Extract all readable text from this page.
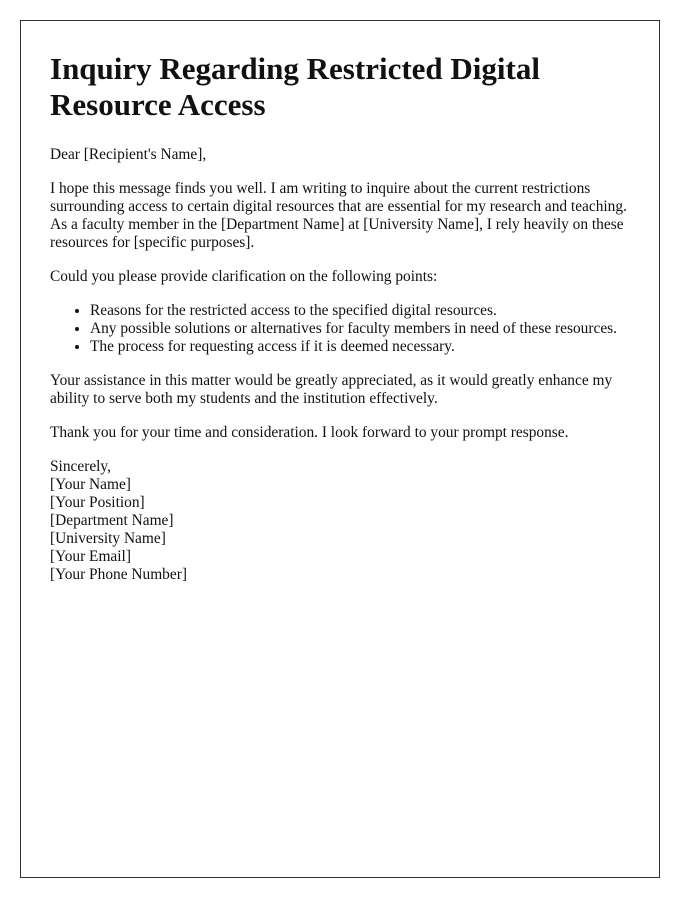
Inquiry Regarding Restricted Digital Resource Access

Dear [Recipient's Name],

I hope this message finds you well. I am writing to inquire about the current restrictions surrounding access to certain digital resources that are essential for my research and teaching. As a faculty member in the [Department Name] at [University Name], I rely heavily on these resources for [specific purposes].

Could you please provide clarification on the following points:

• Reasons for the restricted access to the specified digital resources.
• Any possible solutions or alternatives for faculty members in need of these resources.
• The process for requesting access if it is deemed necessary.

Your assistance in this matter would be greatly appreciated, as it would greatly enhance my ability to serve both my students and the institution effectively.

Thank you for your time and consideration. I look forward to your prompt response.

Sincerely,
[Your Name]
[Your Position]
[Department Name]
[University Name]
[Your Email]
[Your Phone Number]
